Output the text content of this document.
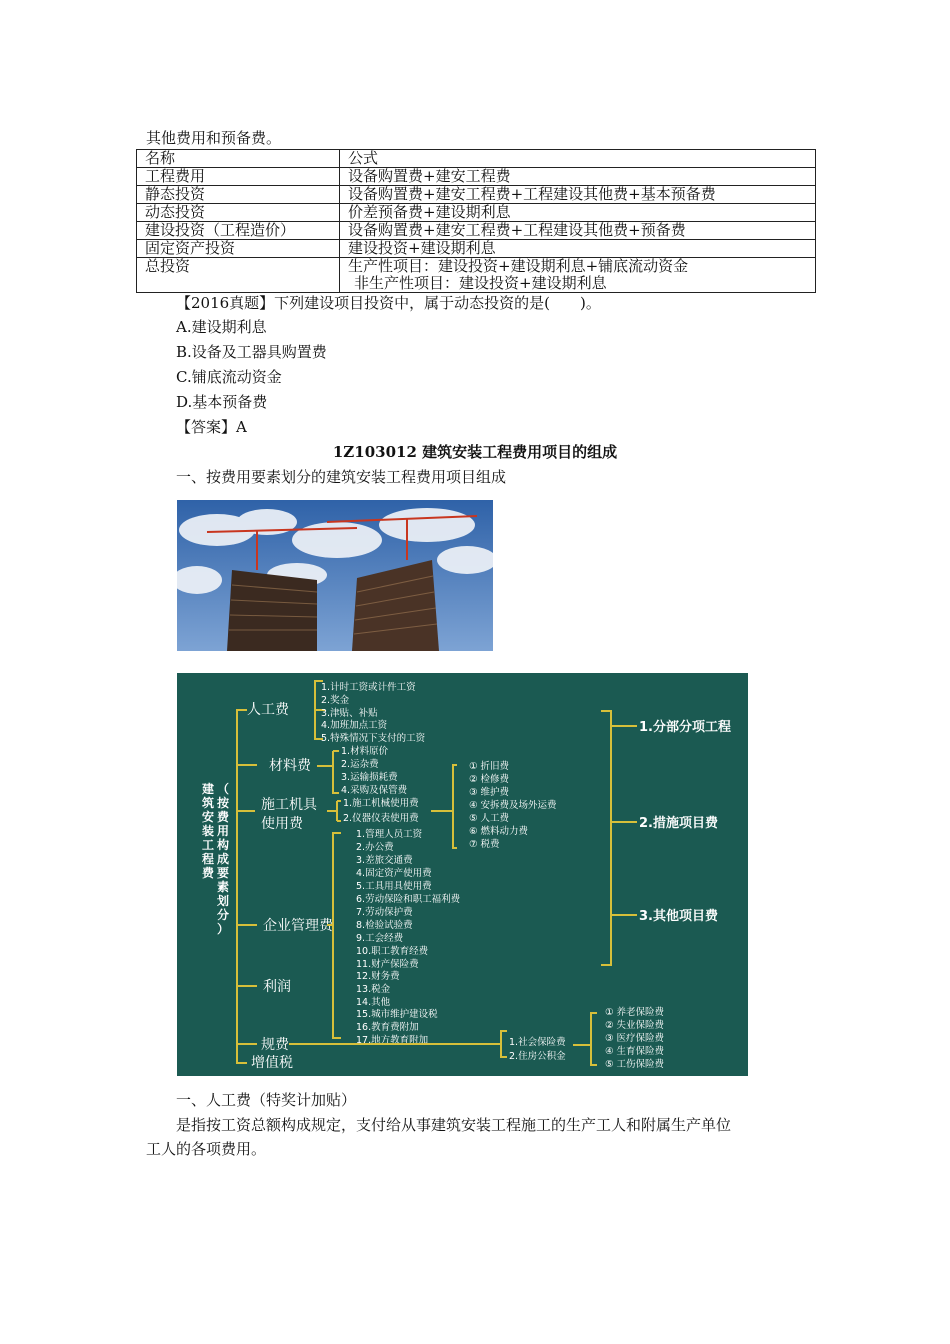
其他费用和预备费。
名称	公式
工程费用	设备购置费+建安工程费
静态投资	设备购置费+建安工程费+工程建设其他费+基本预备费
动态投资	价差预备费+建设期利息
建设投资（工程造价）	设备购置费+建安工程费+工程建设其他费+预备费
固定资产投资	建设投资+建设期利息
总投资	生产性项目：建设投资+建设期利息+铺底流动资金
非生产性项目：建设投资+建设期利息
【2016真题】下列建设项目投资中，属于动态投资的是(　　)。
A.建设期利息
B.设备及工器具购置费
C.铺底流动资金
D.基本预备费
【答案】A
1Z103012 建筑安装工程费用项目的组成
一、按费用要素划分的建筑安装工程费用项目组成
建
筑
安
装
工
程
费
（
按
费
用
构
成
要
素
划
分
）
人工费
材料费
施工机具
使用费
企业管理费
利润
规费
增值税
1.计时工资或计件工资
2.奖金
3.津贴、补贴
4.加班加点工资
5.特殊情况下支付的工资
1.材料原价
2.运杂费
3.运输损耗费
4.采购及保管费
1.施工机械使用费
2.仪器仪表使用费
① 折旧费
② 检修费
③ 维护费
④ 安拆费及场外运费
⑤ 人工费
⑥ 燃料动力费
⑦ 税费
1.管理人员工资
2.办公费
3.差旅交通费
4.固定资产使用费
5.工具用具使用费
6.劳动保险和职工福利费
7.劳动保护费
8.检验试验费
9.工会经费
10.职工教育经费
11.财产保险费
12.财务费
13.税金
14.其他
15.城市维护建设税
16.教育费附加
17.地方教育附加	1.社会保险费
2.住房公积金
① 养老保险费
② 失业保险费
③ 医疗保险费
④ 生育保险费
⑤ 工伤保险费
1.分部分项工程
2.措施项目费
3.其他项目费
一、人工费（特奖计加贴）
是指按工资总额构成规定，支付给从事建筑安装工程施工的生产工人和附属生产单位
工人的各项费用。
